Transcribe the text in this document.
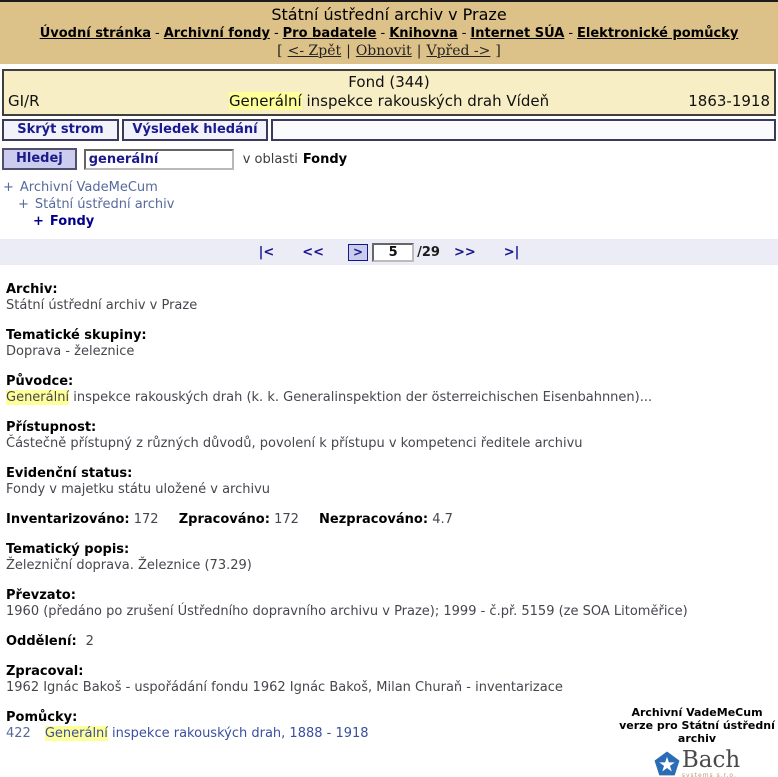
Státní ústřední archiv v Praze
Úvodní stránka - Archivní fondy - Pro badatele - Knihovna - Internet SÚA - Elektronické pomůcky
[ <- Zpět | Obnovit | Vpřed -> ]
Fond (344)
GI/R	Generální inspekce rakouských drah Vídeň	1863-1918
Skrýt strom	Výsledek hledání
Hledej
generální	v oblasti Fondy
+ Archivní VadeMeCum
+ Státní ústřední archiv
+ Fondy
|< <<	>
5	/29 >> >|
Archiv:
Státní ústřední archiv v Praze
Tematické skupiny:
Doprava - železnice
Původce:
Generální inspekce rakouských drah (k. k. Generalinspektion der österreichischen Eisenbahnnen)...
Přístupnost:
Částečně přístupný z různých důvodů, povolení k přístupu v kompetenci ředitele archivu
Evidenční status:
Fondy v majetku státu uložené v archivu
Inventarizováno: 172 Zpracováno: 172 Nezpracováno: 4.7
Tematický popis:
Železniční doprava. Železnice (73.29)
Převzato:
1960 (předáno po zrušení Ústředního dopravního archivu v Praze); 1999 - č.př. 5159 (ze SOA Litoměřice)
Oddělení: 2
Zpracoval:
1962 Ignác Bakoš - uspořádání fondu 1962 Ignác Bakoš, Milan Churaň - inventarizace
Pomůcky:
422 Generální inspekce rakouských drah, 1888 - 1918
Archivní VadeMeCum
verze pro Státní ústřední
archiv
Bach
systems s.r.o.
